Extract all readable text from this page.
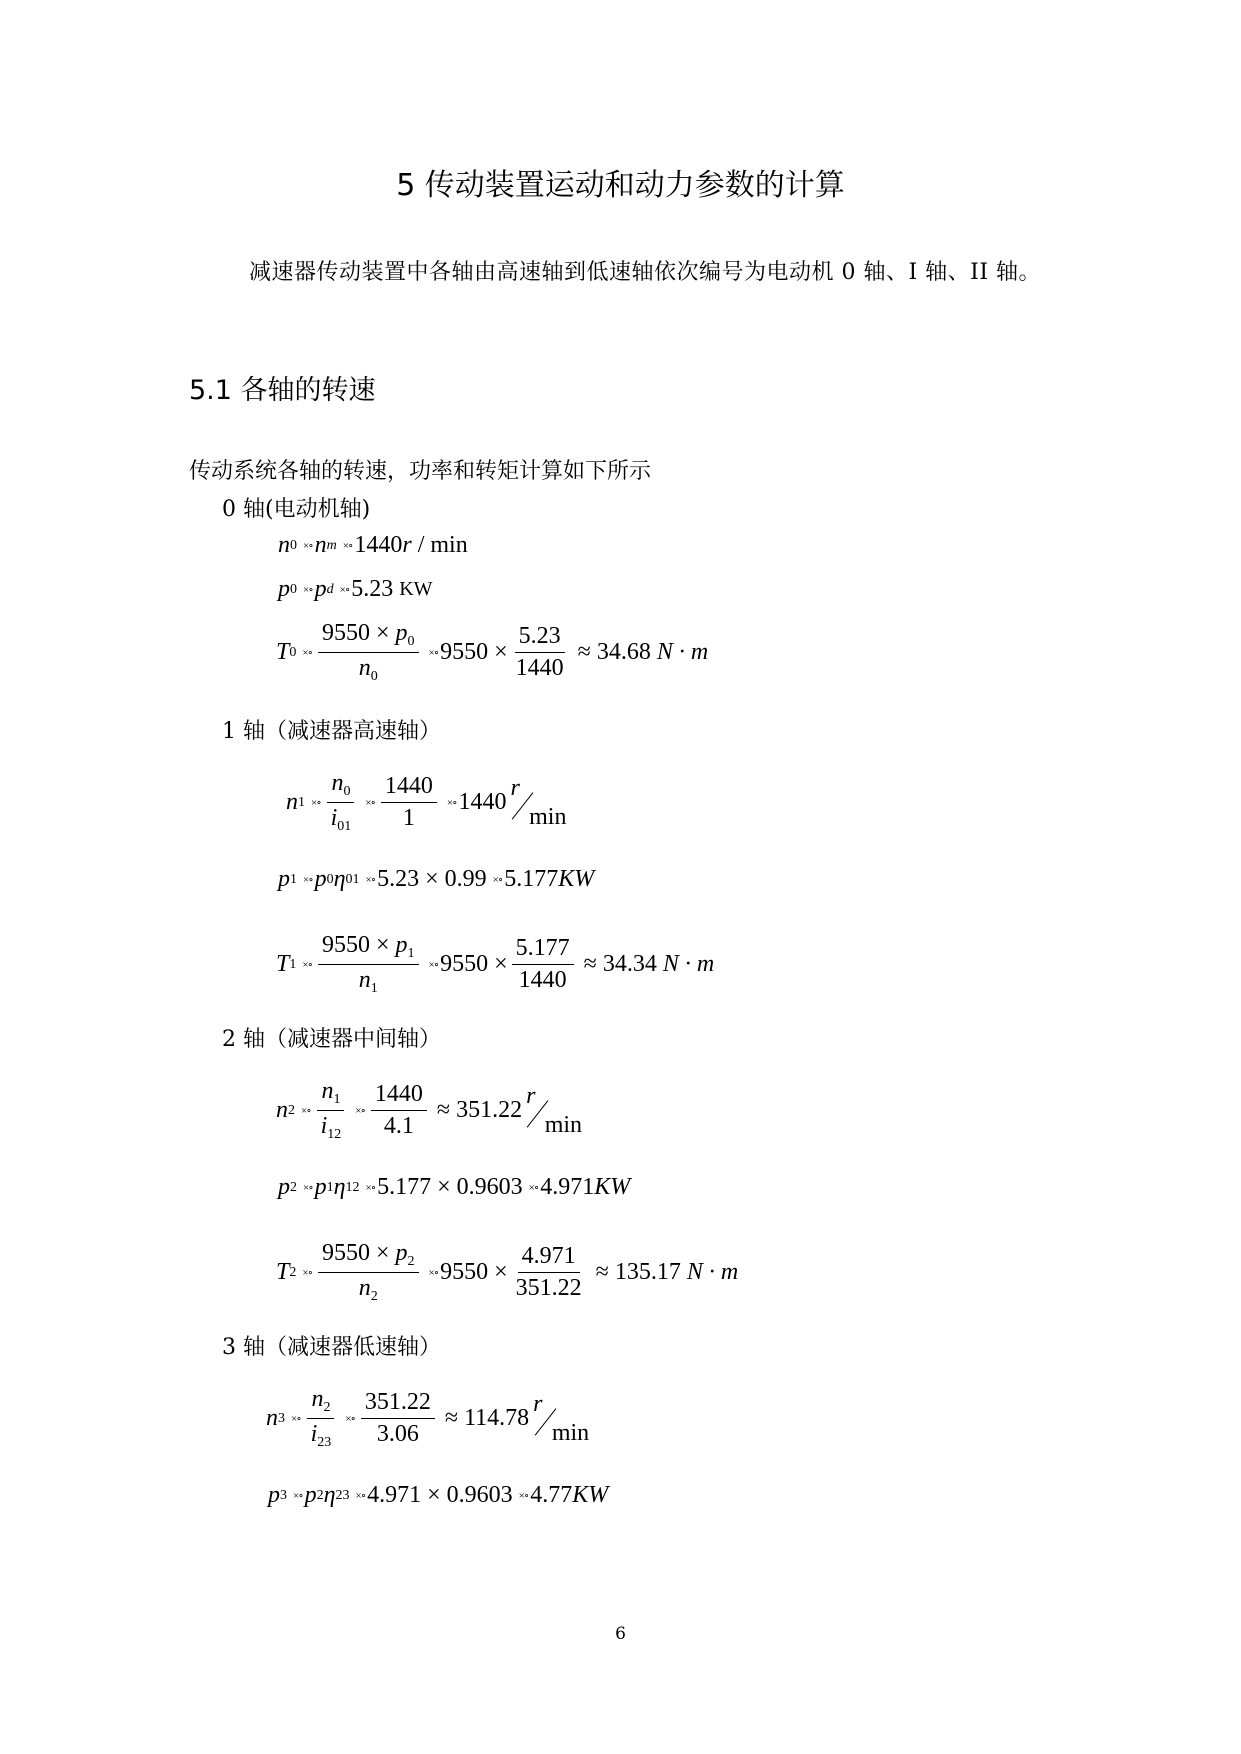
5 传动装置运动和动力参数的计算
减速器传动装置中各轴由高速轴到低速轴依次编号为电动机 0 轴、I 轴、II 轴。
5.1 各轴的转速
传动系统各轴的转速，功率和转矩计算如下所示
0 轴(电动机轴)
n 0 ×∘ n m ×∘ 1440 r / min
p 0 ×∘ p d ×∘ 5.23
KW
T 0 ×∘ $\frac{9550 \times p_0}{n_0}$ ×∘ $9550 \times \frac{5.23}{1440} \approx 34.68$
N · m
1 轴（减速器高速轴）
n 1 ×∘ $\frac{n_0}{i_{01}}$ ×∘ $\frac{1440}{1}$ ×∘ 1440
r
min
p 1 ×∘ p 0 η 01 ×∘ 5.23 × 0.99 ×∘ 5.177 KW
T 1 ×∘ $\frac{9550 \times p_1}{n_1}$ ×∘ $9550 \times \frac{5.177}{1440} \approx 34.34$
N · m
2 轴（减速器中间轴）
n 2 ×∘ $\frac{n_1}{i_{12}}$ ×∘ $\frac{1440}{4.1} \approx 351.22$
r
min
p 2 ×∘ p 1 η 12 ×∘ 5.177 × 0.9603 ×∘ 4.971 KW
T 2 ×∘ $\frac{9550 \times p_2}{n_2}$ ×∘ $9550 \times \frac{4.971}{351.22} \approx 135.17$
N · m
3 轴（减速器低速轴）
n 3 ×∘ $\frac{n_2}{i_{23}}$ ×∘ $\frac{351.22}{3.06} \approx 114.78$
r
min
p 3 ×∘ p 2 η 23 ×∘ 4.971 × 0.9603 ×∘ 4.77 KW
6
